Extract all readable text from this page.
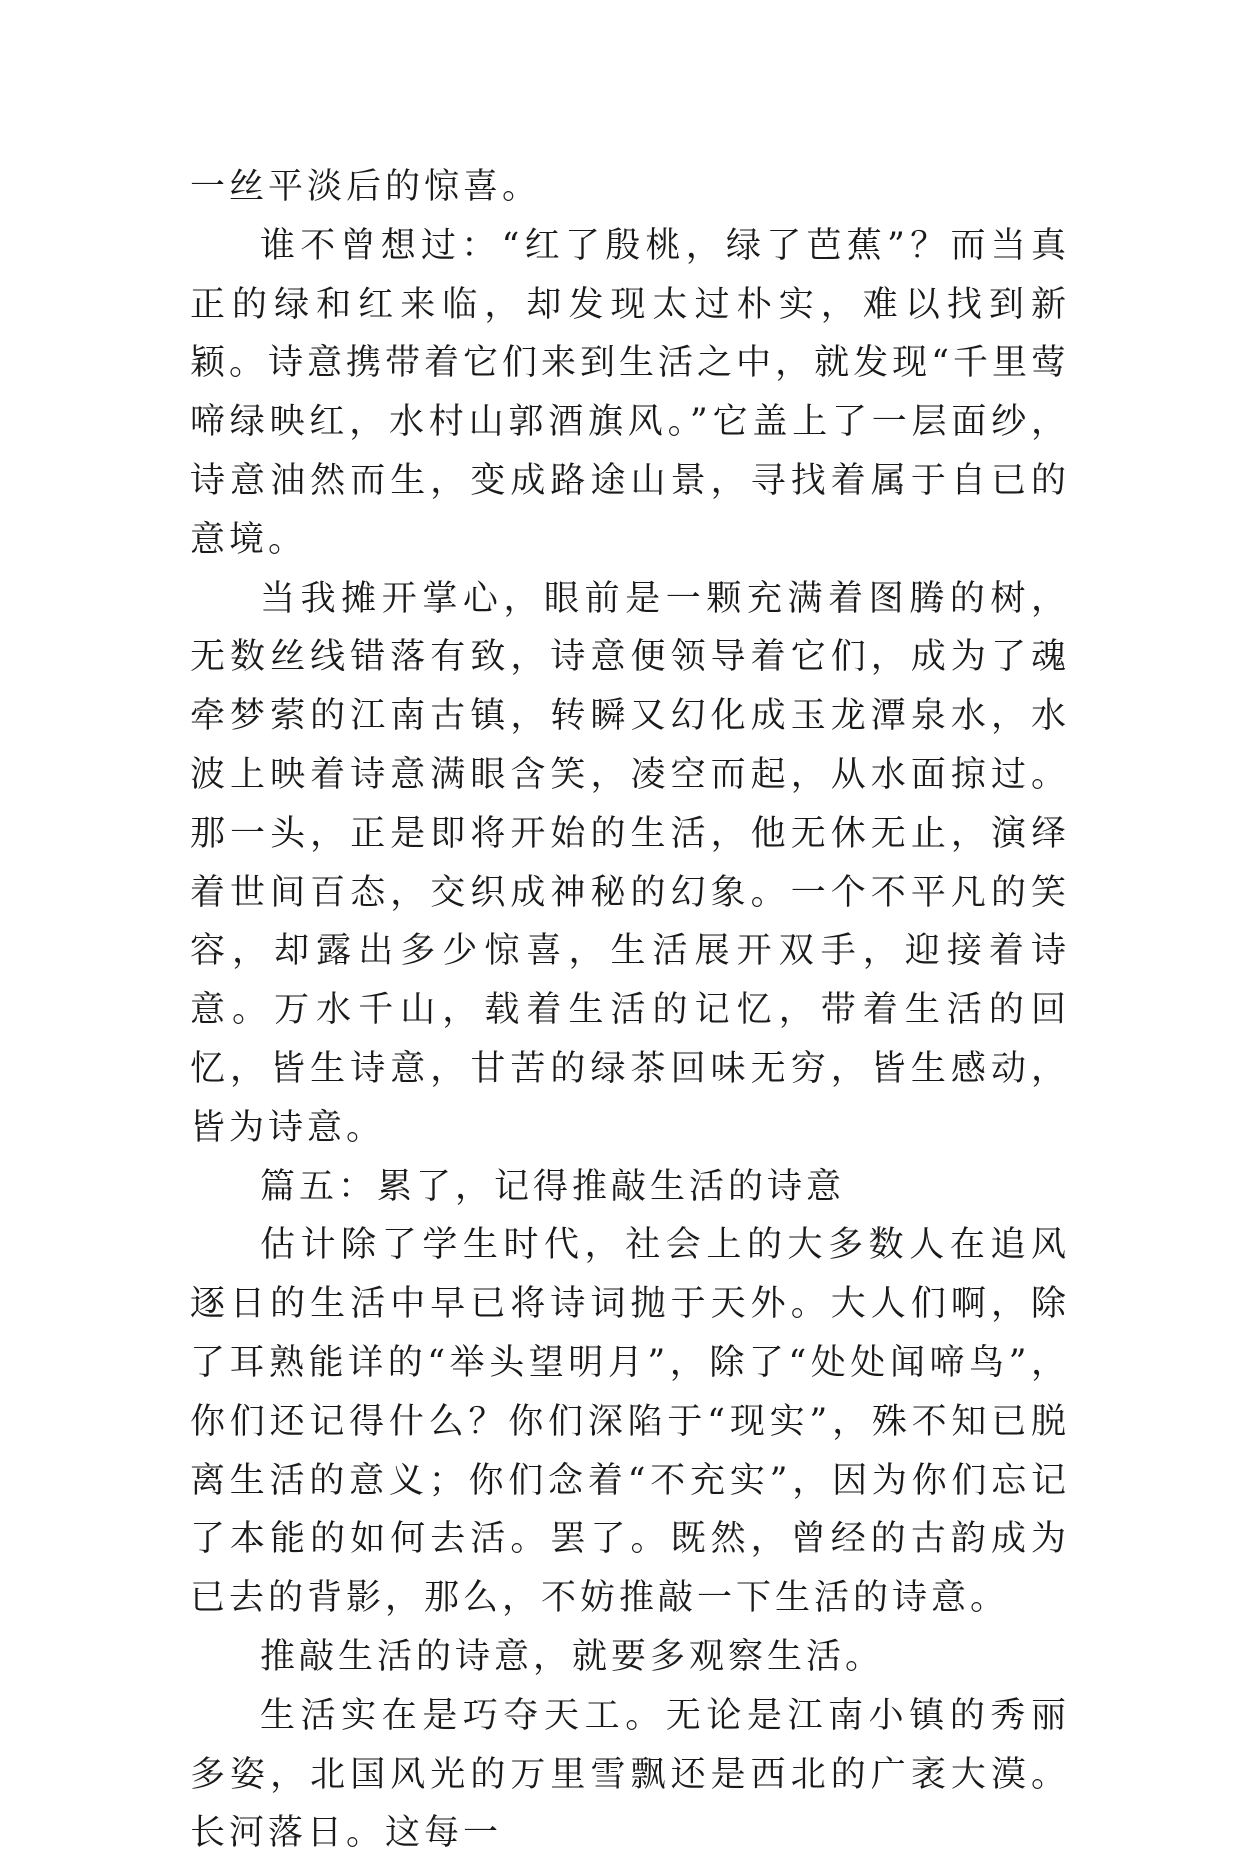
一丝平淡后的惊喜。

谁不曾想过：“红了殷桃，绿了芭蕉”？而当真正的绿和红来临，却发现太过朴实，难以找到新颖。诗意携带着它们来到生活之中，就发现“千里莺啼绿映红，水村山郭酒旗风。”它盖上了一层面纱，诗意油然而生，变成路途山景，寻找着属于自已的意境。

当我摊开掌心，眼前是一颗充满着图腾的树，无数丝线错落有致，诗意便领导着它们，成为了魂牵梦萦的江南古镇，转瞬又幻化成玉龙潭泉水，水波上映着诗意满眼含笑，凌空而起，从水面掠过。那一头，正是即将开始的生活，他无休无止，演绎着世间百态，交织成神秘的幻象。一个不平凡的笑容，却露出多少惊喜，生活展开双手，迎接着诗意。万水千山，载着生活的记忆，带着生活的回忆，皆生诗意，甘苦的绿茶回味无穷，皆生感动，皆为诗意。

篇五：累了，记得推敲生活的诗意

估计除了学生时代，社会上的大多数人在追风逐日的生活中早已将诗词抛于天外。大人们啊，除了耳熟能详的“举头望明月”，除了“处处闻啼鸟”，你们还记得什么？你们深陷于“现实”，殊不知已脱离生活的意义；你们念着“不充实”，因为你们忘记了本能的如何去活。罢了。既然，曾经的古韵成为已去的背影，那么，不妨推敲一下生活的诗意。

推敲生活的诗意，就要多观察生活。

生活实在是巧夺天工。无论是江南小镇的秀丽多姿，北国风光的万里雪飘还是西北的广袤大漠。长河落日。这每一
